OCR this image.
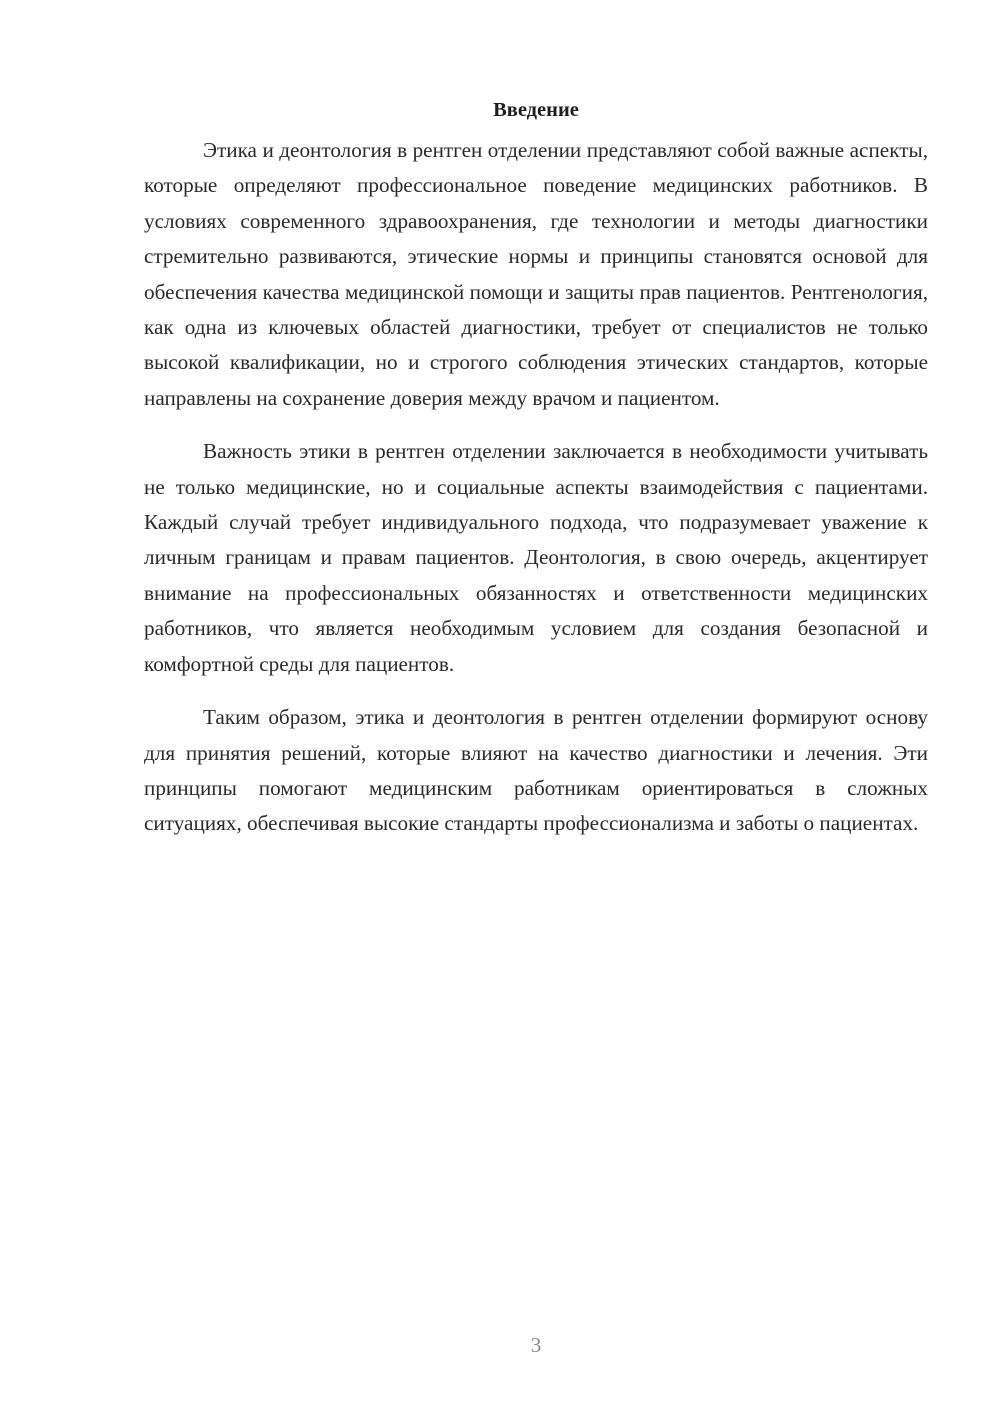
Введение

Этика и деонтология в рентген отделении представляют собой важные аспекты, которые определяют профессиональное поведение медицинских работников. В условиях современного здравоохранения, где технологии и методы диагностики стремительно развиваются, этические нормы и принципы становятся основой для обеспечения качества медицинской помощи и защиты прав пациентов. Рентгенология, как одна из ключевых областей диагностики, требует от специалистов не только высокой квалификации, но и строгого соблюдения этических стандартов, которые направлены на сохранение доверия между врачом и пациентом.

Важность этики в рентген отделении заключается в необходимости учитывать не только медицинские, но и социальные аспекты взаимодействия с пациентами. Каждый случай требует индивидуального подхода, что подразумевает уважение к личным границам и правам пациентов. Деонтология, в свою очередь, акцентирует внимание на профессиональных обязанностях и ответственности медицинских работников, что является необходимым условием для создания безопасной и комфортной среды для пациентов.

Таким образом, этика и деонтология в рентген отделении формируют основу для принятия решений, которые влияют на качество диагностики и лечения. Эти принципы помогают медицинским работникам ориентироваться в сложных ситуациях, обеспечивая высокие стандарты профессионализма и заботы о пациентах.

3
